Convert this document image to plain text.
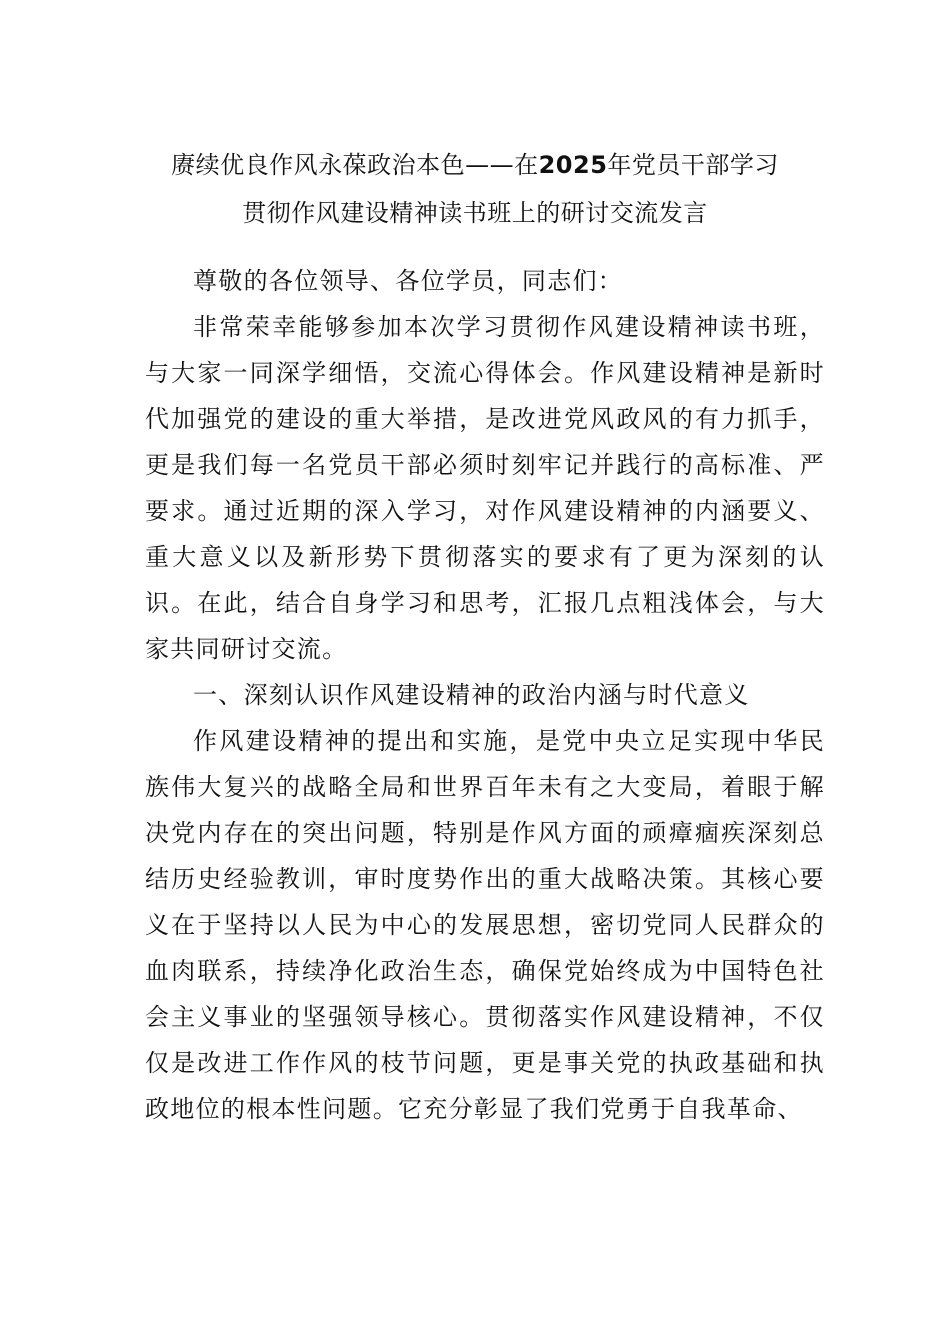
赓续优良作风永葆政治本色——在2025年党员干部学习
贯彻作风建设精神读书班上的研讨交流发言

尊敬的各位领导、各位学员，同志们：

非常荣幸能够参加本次学习贯彻作风建设精神读书班，与大家一同深学细悟，交流心得体会。作风建设精神是新时代加强党的建设的重大举措，是改进党风政风的有力抓手，更是我们每一名党员干部必须时刻牢记并践行的高标准、严要求。通过近期的深入学习，对作风建设精神的内涵要义、重大意义以及新形势下贯彻落实的要求有了更为深刻的认识。在此，结合自身学习和思考，汇报几点粗浅体会，与大家共同研讨交流。

一、深刻认识作风建设精神的政治内涵与时代意义

作风建设精神的提出和实施，是党中央立足实现中华民族伟大复兴的战略全局和世界百年未有之大变局，着眼于解决党内存在的突出问题，特别是作风方面的顽瘴痼疾深刻总结历史经验教训，审时度势作出的重大战略决策。其核心要义在于坚持以人民为中心的发展思想，密切党同人民群众的血肉联系，持续净化政治生态，确保党始终成为中国特色社会主义事业的坚强领导核心。贯彻落实作风建设精神，不仅仅是改进工作作风的枝节问题，更是事关党的执政基础和执政地位的根本性问题。它充分彰显了我们党勇于自我革命、
